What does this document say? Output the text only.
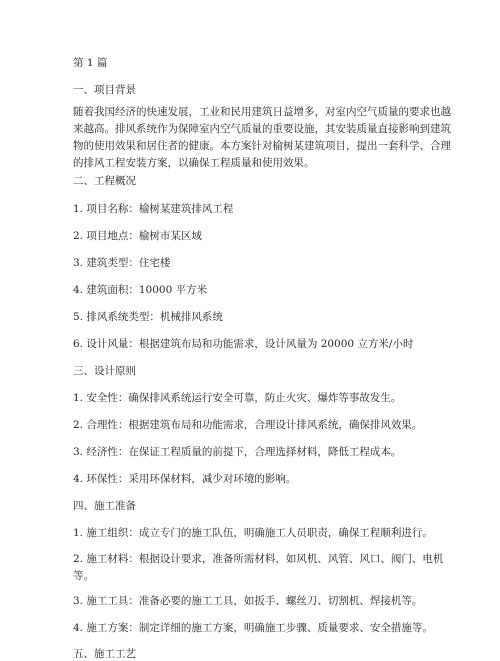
第 1 篇
一、项目背景
随着我国经济的快速发展，工业和民用建筑日益增多，对室内空气质量的要求也越
来越高。排风系统作为保障室内空气质量的重要设施，其安装质量直接影响到建筑
物的使用效果和居住者的健康。本方案针对榆树某建筑项目，提出一套科学、合理
的排风工程安装方案，以确保工程质量和使用效果。
二、工程概况
1. 项目名称：榆树某建筑排风工程
2. 项目地点：榆树市某区域
3. 建筑类型：住宅楼
4. 建筑面积：10000 平方米
5. 排风系统类型：机械排风系统
6. 设计风量：根据建筑布局和功能需求，设计风量为 20000 立方米/小时
三、设计原则
1. 安全性：确保排风系统运行安全可靠，防止火灾、爆炸等事故发生。
2. 合理性：根据建筑布局和功能需求，合理设计排风系统，确保排风效果。
3. 经济性：在保证工程质量的前提下，合理选择材料，降低工程成本。
4. 环保性：采用环保材料，减少对环境的影响。
四、施工准备
1. 施工组织：成立专门的施工队伍，明确施工人员职责，确保工程顺利进行。
2. 施工材料：根据设计要求，准备所需材料，如风机、风管、风口、阀门、电机
等。
3. 施工工具：准备必要的施工工具，如扳手、螺丝刀、切割机、焊接机等。
4. 施工方案：制定详细的施工方案，明确施工步骤、质量要求、安全措施等。
五、施工工艺
